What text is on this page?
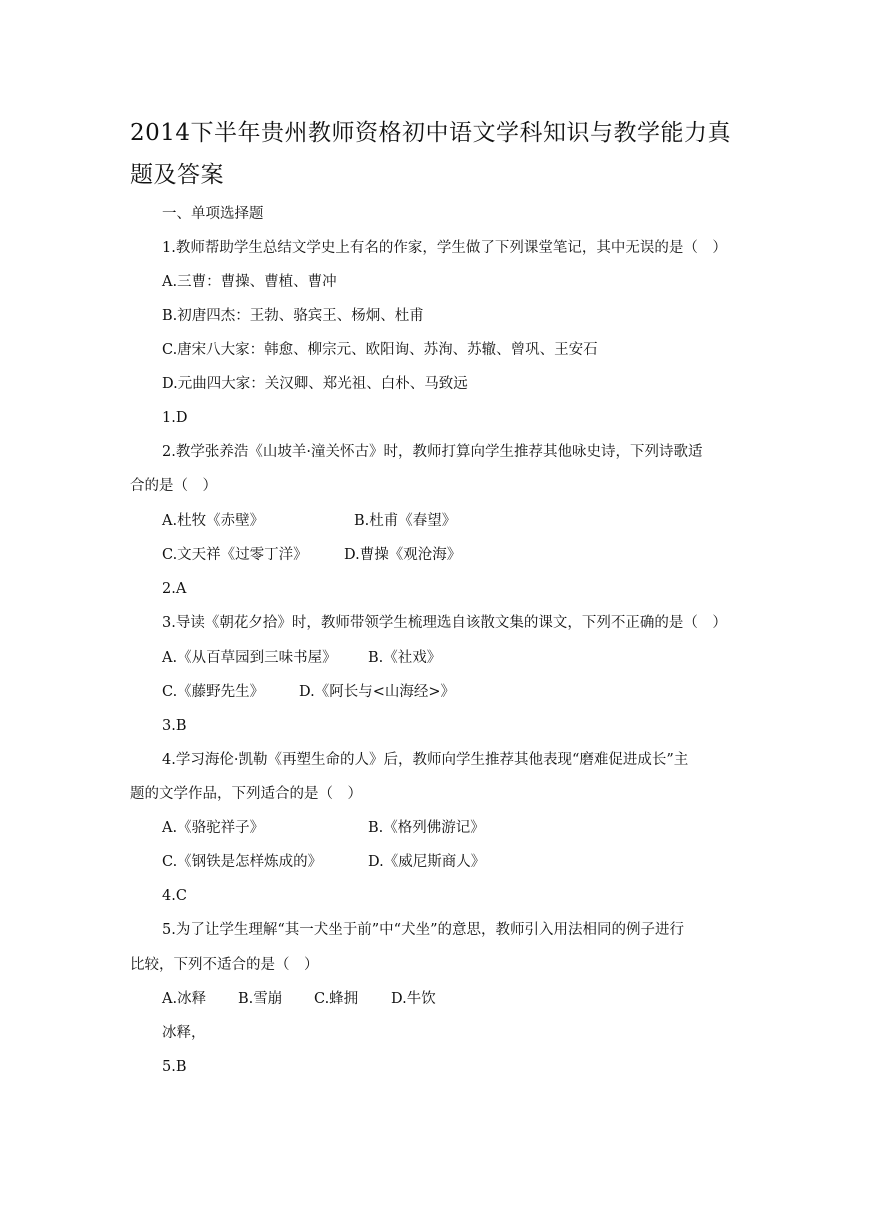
2014下半年贵州教师资格初中语文学科知识与教学能力真题及答案
一、单项选择题
1.教师帮助学生总结文学史上有名的作家，学生做了下列课堂笔记，其中无误的是（　）
A.三曹：曹操、曹植、曹冲
B.初唐四杰：王勃、骆宾王、杨炯、杜甫
C.唐宋八大家：韩愈、柳宗元、欧阳询、苏洵、苏辙、曾巩、王安石
D.元曲四大家：关汉卿、郑光祖、白朴、马致远
1.D
2.教学张养浩《山坡羊·潼关怀古》时，教师打算向学生推荐其他咏史诗，下列诗歌适
合的是（　）
A.杜牧《赤壁》	B.杜甫《春望》
C.文天祥《过零丁洋》	D.曹操《观沧海》
2.A
3.导读《朝花夕拾》时，教师带领学生梳理选自该散文集的课文，下列不正确的是（　）
A.《从百草园到三味书屋》 B.《社戏》
C.《藤野先生》 D.《阿长与<山海经>》
3.B
4.学习海伦·凯勒《再塑生命的人》后，教师向学生推荐其他表现“磨难促进成长”主
题的文学作品，下列适合的是（　）
A.《骆驼祥子》	B.《格列佛游记》
C.《钢铁是怎样炼成的》	D.《威尼斯商人》
4.C
5.为了让学生理解“其一犬坐于前”中“犬坐”的意思，教师引入用法相同的例子进行
比较，下列不适合的是（　）
A.冰释 B.雪崩 C.蜂拥 D.牛饮
冰释，
5.B
